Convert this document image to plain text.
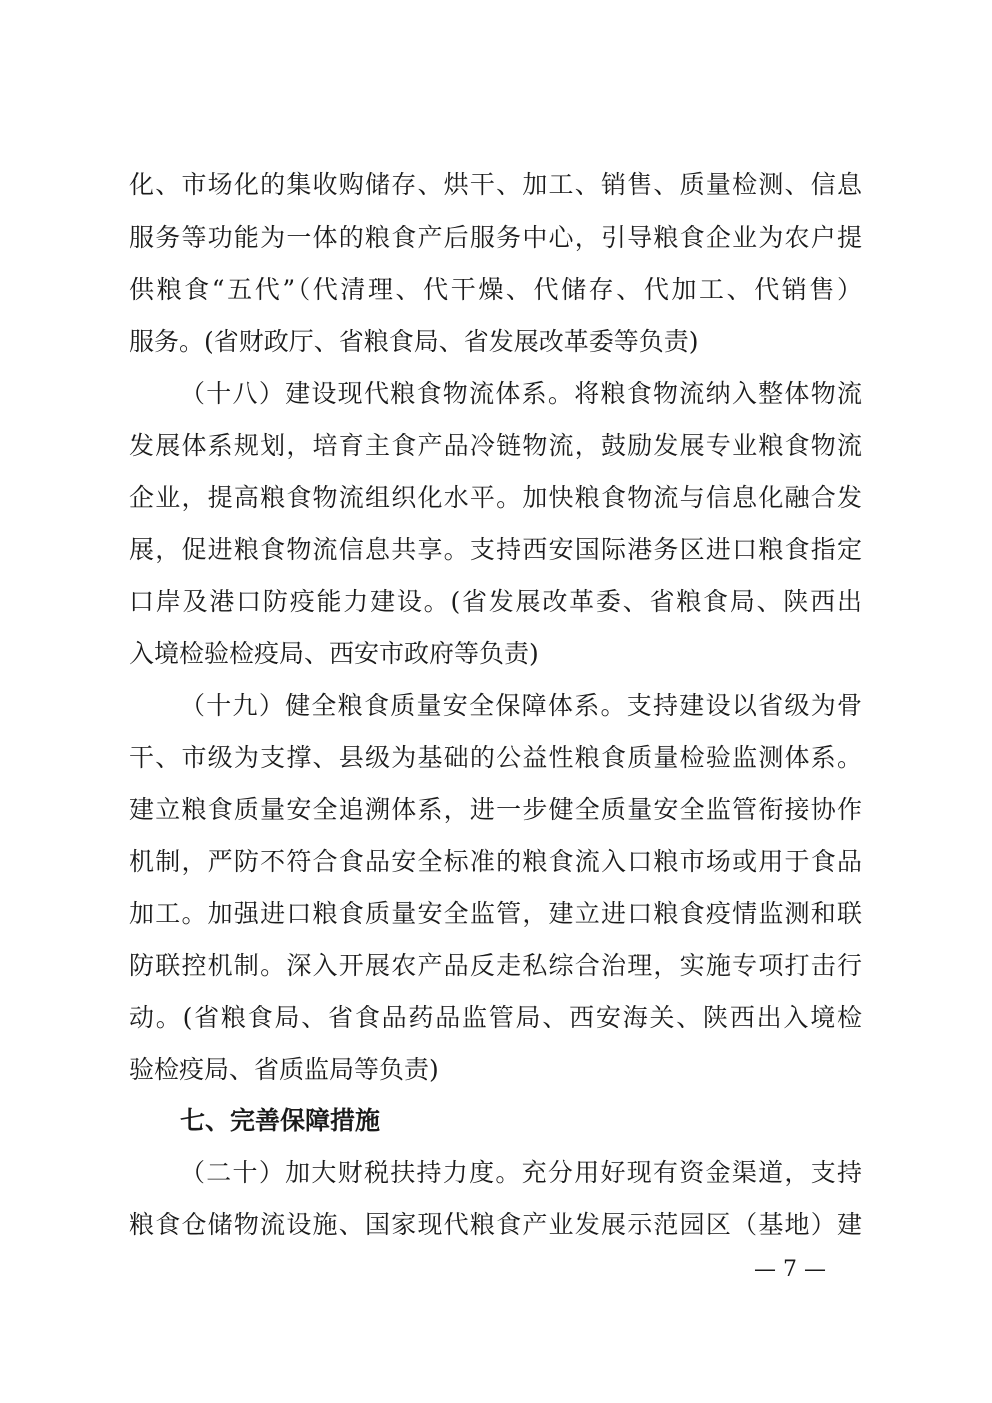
化、市场化的集收购储存、烘干、加工、销售、质量检测、信息
服务等功能为一体的粮食产后服务中心，引导粮食企业为农户提
供粮食“五代”（代清理、代干燥、代储存、代加工、代销售）
服务。(省财政厅、省粮食局、省发展改革委等负责)
（十八）建设现代粮食物流体系。将粮食物流纳入整体物流
发展体系规划，培育主食产品冷链物流，鼓励发展专业粮食物流
企业，提高粮食物流组织化水平。加快粮食物流与信息化融合发
展，促进粮食物流信息共享。支持西安国际港务区进口粮食指定
口岸及港口防疫能力建设。(省发展改革委、省粮食局、陕西出
入境检验检疫局、西安市政府等负责)
（十九）健全粮食质量安全保障体系。支持建设以省级为骨
干、市级为支撑、县级为基础的公益性粮食质量检验监测体系。
建立粮食质量安全追溯体系，进一步健全质量安全监管衔接协作
机制，严防不符合食品安全标准的粮食流入口粮市场或用于食品
加工。加强进口粮食质量安全监管，建立进口粮食疫情监测和联
防联控机制。深入开展农产品反走私综合治理，实施专项打击行
动。(省粮食局、省食品药品监管局、西安海关、陕西出入境检
验检疫局、省质监局等负责)
七、完善保障措施
（二十）加大财税扶持力度。充分用好现有资金渠道，支持
粮食仓储物流设施、国家现代粮食产业发展示范园区（基地）建
— 7 —
